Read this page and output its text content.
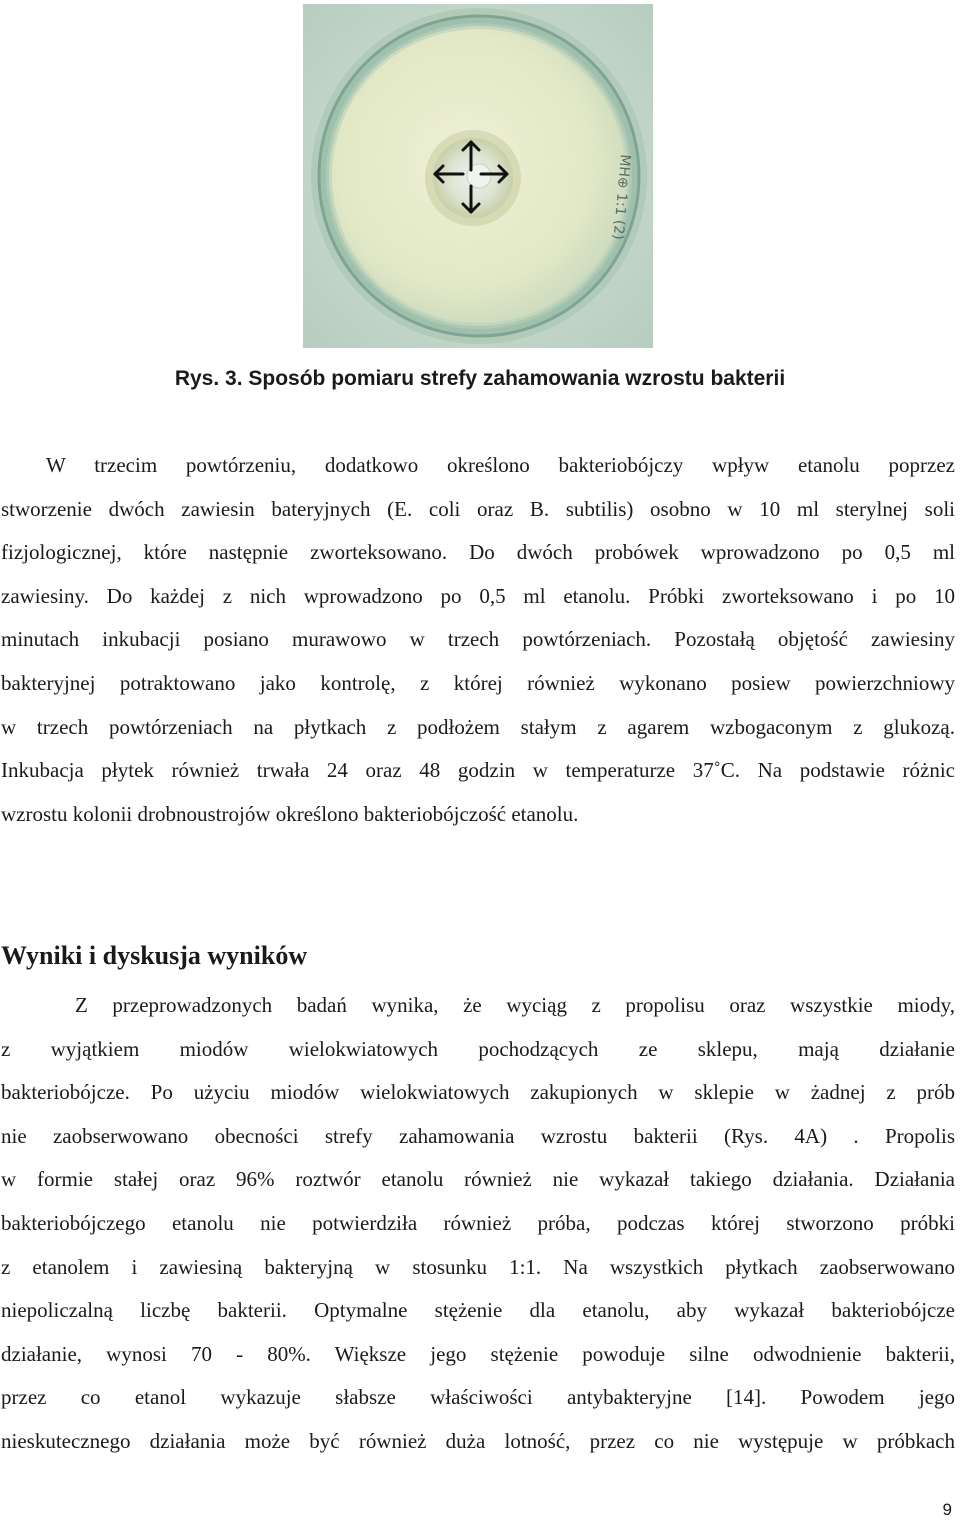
MH⊕ 1:1 (2)
Rys. 3. Sposób pomiaru strefy zahamowania wzrostu bakterii
W trzecim powtórzeniu, dodatkowo określono bakteriobójczy wpływ etanolu poprzez
stworzenie dwóch zawiesin bateryjnych (E. coli oraz B. subtilis) osobno w 10 ml sterylnej soli
fizjologicznej, które następnie zworteksowano. Do dwóch probówek wprowadzono po 0,5 ml
zawiesiny. Do każdej z nich wprowadzono po 0,5 ml etanolu. Próbki zworteksowano i po 10
minutach inkubacji posiano murawowo w trzech powtórzeniach. Pozostałą objętość zawiesiny
bakteryjnej potraktowano jako kontrolę, z której również wykonano posiew powierzchniowy
w trzech powtórzeniach na płytkach z podłożem stałym z agarem wzbogaconym z glukozą.
Inkubacja płytek również trwała 24 oraz 48 godzin w temperaturze 37˚C. Na podstawie różnic
wzrostu kolonii drobnoustrojów określono bakteriobójczość etanolu.
Wyniki i dyskusja wyników
Z przeprowadzonych badań wynika, że wyciąg z propolisu oraz wszystkie miody,
z wyjątkiem miodów wielokwiatowych pochodzących ze sklepu, mają działanie
bakteriobójcze. Po użyciu miodów wielokwiatowych zakupionych w sklepie w żadnej z prób
nie zaobserwowano obecności strefy zahamowania wzrostu bakterii (Rys. 4A) . Propolis
w formie stałej oraz 96% roztwór etanolu również nie wykazał takiego działania. Działania
bakteriobójczego etanolu nie potwierdziła również próba, podczas której stworzono próbki
z etanolem i zawiesiną bakteryjną w stosunku 1:1. Na wszystkich płytkach zaobserwowano
niepoliczalną liczbę bakterii. Optymalne stężenie dla etanolu, aby wykazał bakteriobójcze
działanie, wynosi 70 - 80%. Większe jego stężenie powoduje silne odwodnienie bakterii,
przez co etanol wykazuje słabsze właściwości antybakteryjne [14]. Powodem jego
nieskutecznego działania może być również duża lotność, przez co nie występuje w próbkach
9
